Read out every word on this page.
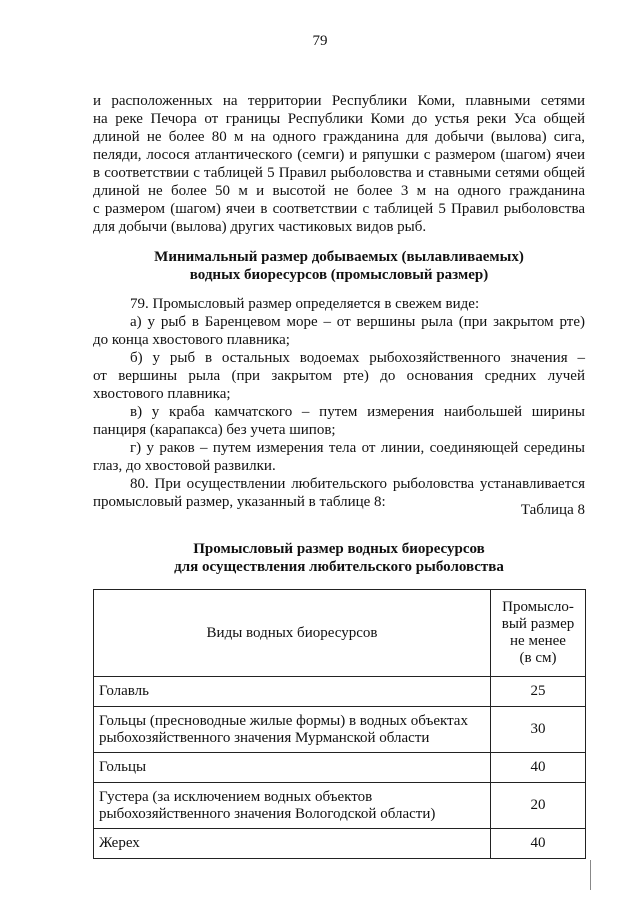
79
и расположенных на территории Республики Коми, плавными сетями
на реке Печора от границы Республики Коми до устья реки Уса общей
длиной не более 80 м на одного гражданина для добычи (вылова) сига,
пеляди, лосося атлантического (семги) и ряпушки с размером (шагом) ячеи
в соответствии с таблицей 5 Правил рыболовства и ставными сетями общей
длиной не более 50 м и высотой не более 3 м на одного гражданина
с размером (шагом) ячеи в соответствии с таблицей 5 Правил рыболовства
для добычи (вылова) других частиковых видов рыб.
Минимальный размер добываемых (вылавливаемых)
водных биоресурсов (промысловый размер)
79. Промысловый размер определяется в свежем виде:
а) у рыб в Баренцевом море – от вершины рыла (при закрытом рте)
до конца хвостового плавника;
б) у рыб в остальных водоемах рыбохозяйственного значения –
от вершины рыла (при закрытом рте) до основания средних лучей
хвостового плавника;
в) у краба камчатского – путем измерения наибольшей ширины
панциря (карапакса) без учета шипов;
г) у раков – путем измерения тела от линии, соединяющей середины
глаз, до хвостовой развилки.
80. При осуществлении любительского рыболовства устанавливается
промысловый размер, указанный в таблице 8:	Таблица 8
Промысловый размер водных биоресурсов
для осуществления любительского рыболовства
Виды водных биоресурсов	Промысло-
вый размер
не менее
(в см)

Голавль	25

Гольцы (пресноводные жилые формы) в водных объектах
рыбохозяйственного значения Мурманской области	30

Гольцы	40

Густера (за исключением водных объектов
рыбохозяйственного значения Вологодской области)	20

Жерех	40
